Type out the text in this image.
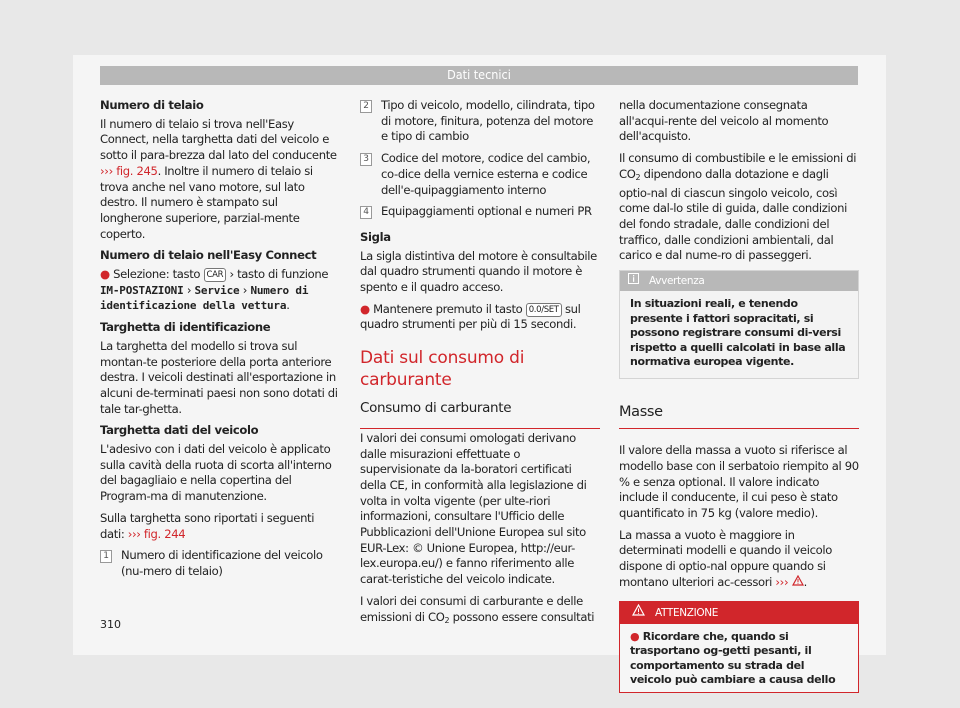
Dati tecnici

Numero di telaio

Il numero di telaio si trova nell'Easy Connect, nella targhetta dati del veicolo e sotto il para-brezza dal lato del conducente ››› fig. 245. Inoltre il numero di telaio si trova anche nel vano motore, sul lato destro. Il numero è stampato sul longherone superiore, parzial-mente coperto.

Numero di telaio nell'Easy Connect

● Selezione: tasto CAR › tasto di funzione IM-POSTAZIONI › Service › Numero di identificazione della vettura.

Targhetta di identificazione

La targhetta del modello si trova sul montan-te posteriore della porta anteriore destra. I veicoli destinati all'esportazione in alcuni de-terminati paesi non sono dotati di tale tar-ghetta.

Targhetta dati del veicolo

L'adesivo con i dati del veicolo è applicato sulla cavità della ruota di scorta all'interno del bagagliaio e nella copertina del Program-ma di manutenzione.

Sulla targhetta sono riportati i seguenti dati: ››› fig. 244

1 Numero di identificazione del veicolo (nu-mero di telaio)
2 Tipo di veicolo, modello, cilindrata, tipo di motore, finitura, potenza del motore e tipo di cambio
3 Codice del motore, codice del cambio, co-dice della vernice esterna e codice dell'e-quipaggiamento interno
4 Equipaggiamenti optional e numeri PR

Sigla

La sigla distintiva del motore è consultabile dal quadro strumenti quando il motore è spento e il quadro acceso.

● Mantenere premuto il tasto 0.0/SET sul quadro strumenti per più di 15 secondi.

Dati sul consumo di carburante
Consumo di carburante

I valori dei consumi omologati derivano dalle misurazioni effettuate o supervisionate da la-boratori certificati della CE, in conformità alla legislazione di volta in volta vigente (per ulte-riori informazioni, consultare l'Ufficio delle Pubblicazioni dell'Unione Europea sul sito EUR-Lex: © Unione Europea, http://eur-lex.europa.eu/) e fanno riferimento alle carat-teristiche del veicolo indicate.

I valori dei consumi di carburante e delle emissioni di $CO_2$ possono essere consultati

nella documentazione consegnata all'acqui-rente del veicolo al momento dell'acquisto.

Il consumo di combustibile e le emissioni di $CO_2$ dipendono dalla dotazione e dagli optio-nal di ciascun singolo veicolo, così come dal-lo stile di guida, dalle condizioni del fondo stradale, dalle condizioni del traffico, dalle condizioni ambientali, dal carico e dal nume-ro di passeggeri.

Avvertenza
In situazioni reali, e tenendo presente i fattori sopracitati, si possono registrare consumi di-versi rispetto a quelli calcolati in base alla normativa europea vigente.
Masse

Il valore della massa a vuoto si riferisce al modello base con il serbatoio riempito al 90 % e senza optional. Il valore indicato include il conducente, il cui peso è stato quantificato in 75 kg (valore medio).

La massa a vuoto è maggiore in determinati modelli e quando il veicolo dispone di optio-nal oppure quando si montano ulteriori ac-cessori ››› .

ATTENZIONE
● Ricordare che, quando si trasportano og-getti pesanti, il comportamento su strada del veicolo può cambiare a causa dello
310
